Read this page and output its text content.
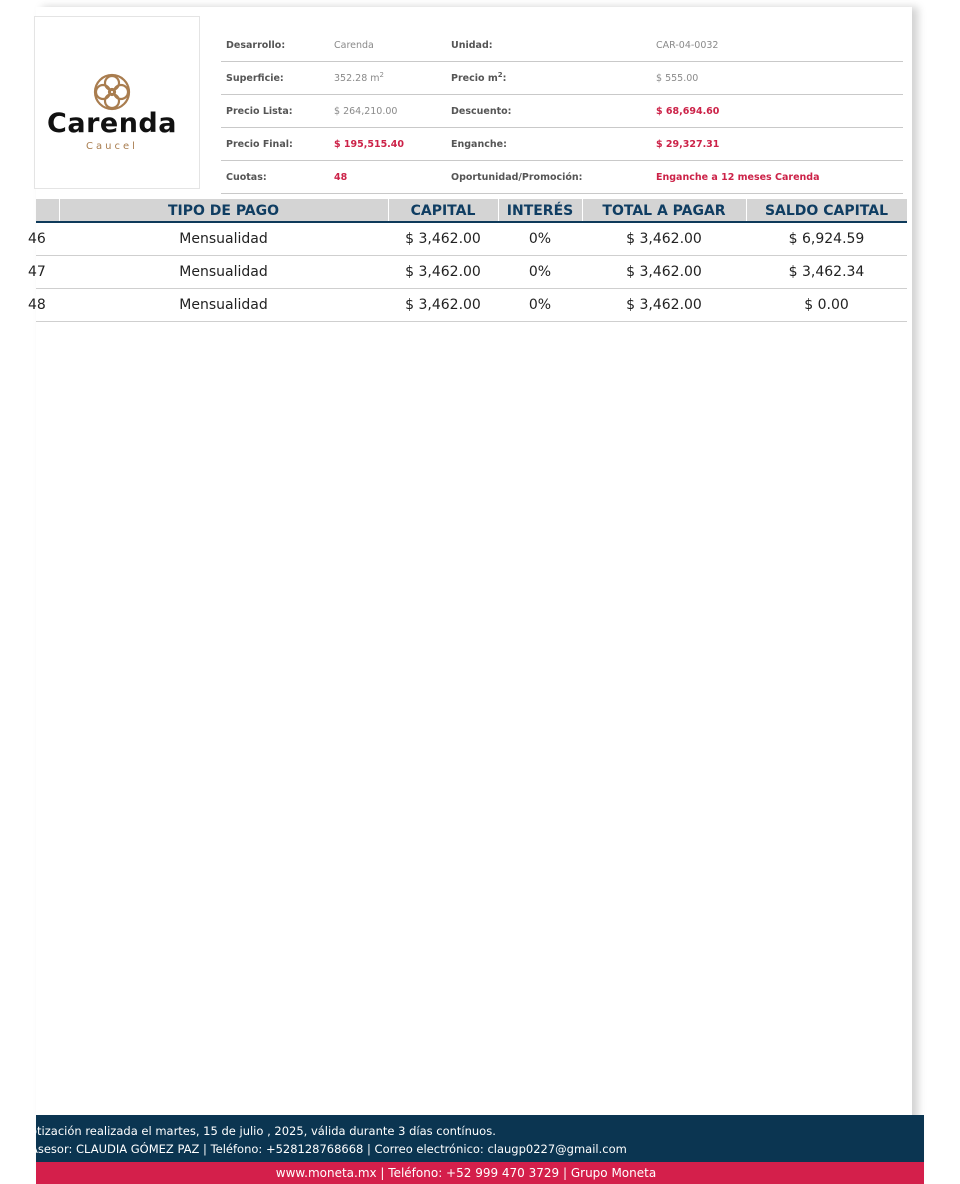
Carenda
Caucel
Desarrollo:	Carenda	Unidad:	CAR-04-0032
Superficie:	352.28 $m^2$	Precio $m^2$:	$ 555.00
Precio Lista:	$ 264,210.00	Descuento:	$ 68,694.60
Precio Final:	$ 195,515.40	Enganche:	$ 29,327.31
Cuotas:	48	Oportunidad/Promoción:	Enganche a 12 meses Carenda
TIPO DE PAGO	CAPITAL	INTERÉS	TOTAL A PAGAR	SALDO CAPITAL
46	Mensualidad	$ 3,462.00	0%	$ 3,462.00	$ 6,924.59
47	Mensualidad	$ 3,462.00	0%	$ 3,462.00	$ 3,462.34
48	Mensualidad	$ 3,462.00	0%	$ 3,462.00	$ 0.00
otización realizada el martes, 15 de julio , 2025, válida durante 3 días contínuos.
Asesor: CLAUDIA GÓMEZ PAZ | Teléfono: +528128768668 | Correo electrónico: claugp0227@gmail.com
www.moneta.mx | Teléfono: +52 999 470 3729 | Grupo Moneta
